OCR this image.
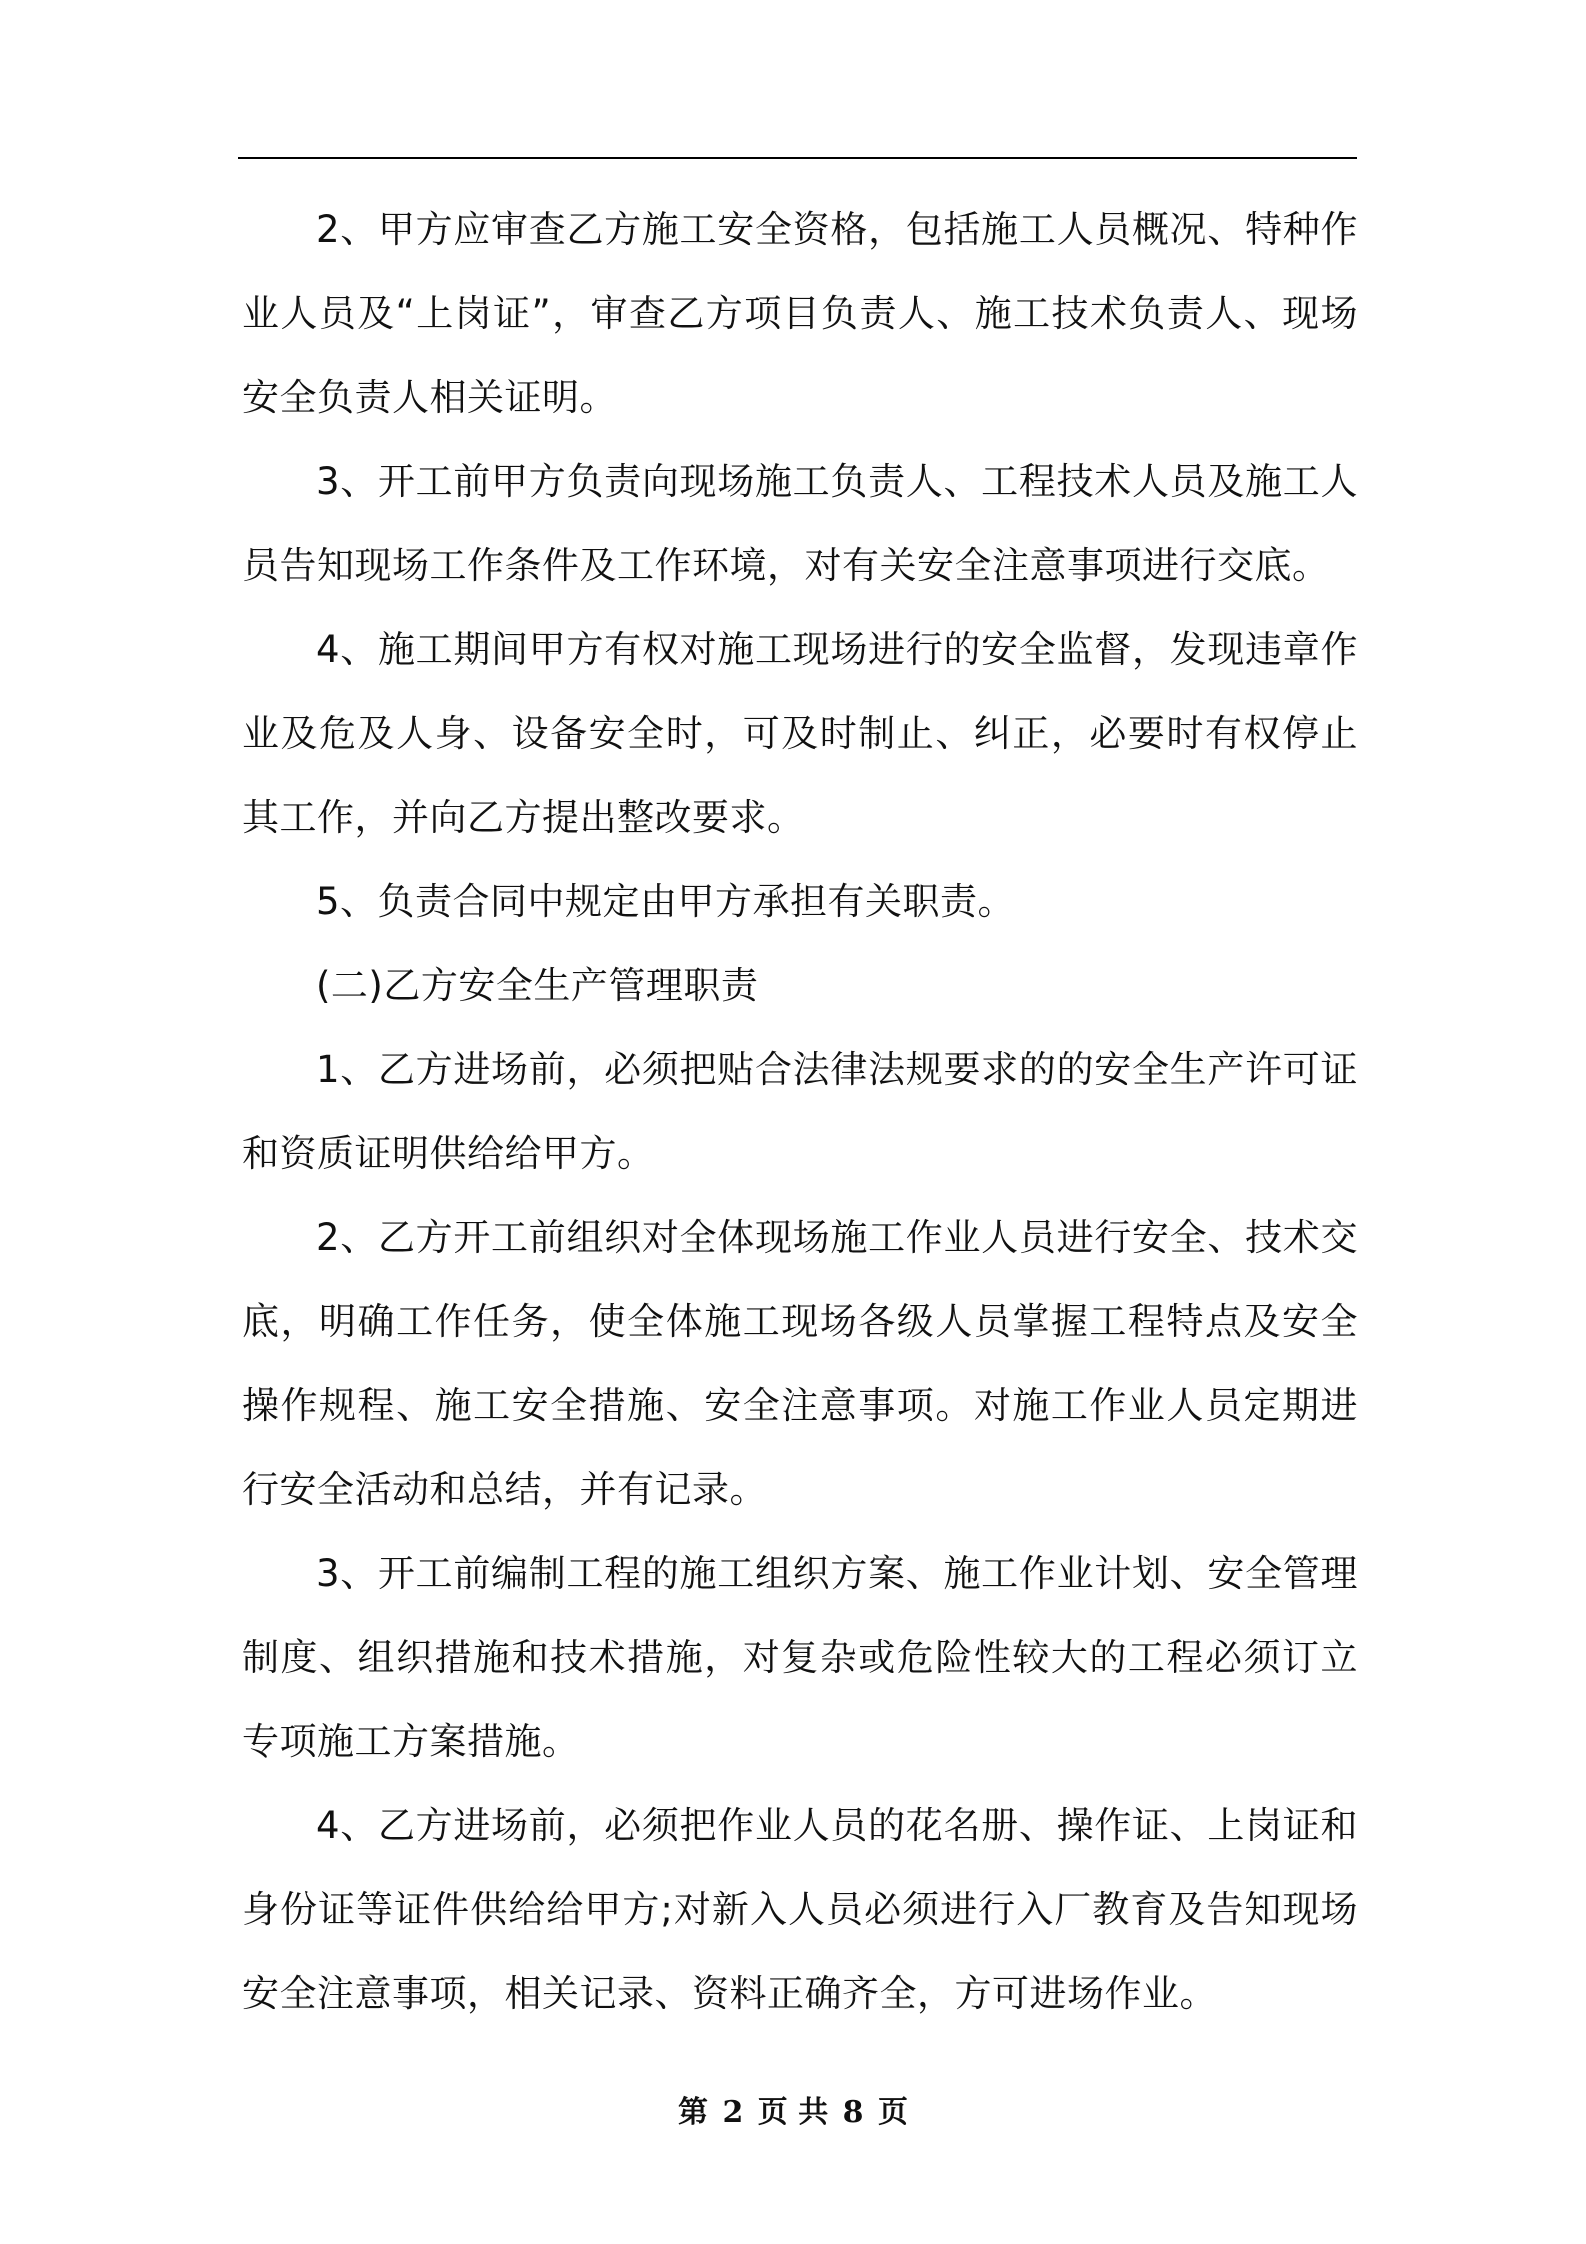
2、甲方应审查乙方施工安全资格，包括施工人员概况、特种作业人员及“上岗证”，审查乙方项目负责人、施工技术负责人、现场安全负责人相关证明。

3、开工前甲方负责向现场施工负责人、工程技术人员及施工人员告知现场工作条件及工作环境，对有关安全注意事项进行交底。

4、施工期间甲方有权对施工现场进行的安全监督，发现违章作业及危及人身、设备安全时，可及时制止、纠正，必要时有权停止其工作，并向乙方提出整改要求。

5、负责合同中规定由甲方承担有关职责。

(二)乙方安全生产管理职责

1、乙方进场前，必须把贴合法律法规要求的的安全生产许可证和资质证明供给给甲方。

2、乙方开工前组织对全体现场施工作业人员进行安全、技术交底，明确工作任务，使全体施工现场各级人员掌握工程特点及安全操作规程、施工安全措施、安全注意事项。对施工作业人员定期进行安全活动和总结，并有记录。

3、开工前编制工程的施工组织方案、施工作业计划、安全管理制度、组织措施和技术措施，对复杂或危险性较大的工程必须订立专项施工方案措施。

4、乙方进场前，必须把作业人员的花名册、操作证、上岗证和身份证等证件供给给甲方;对新入人员必须进行入厂教育及告知现场安全注意事项，相关记录、资料正确齐全，方可进场作业。

第 2 页 共 8 页
